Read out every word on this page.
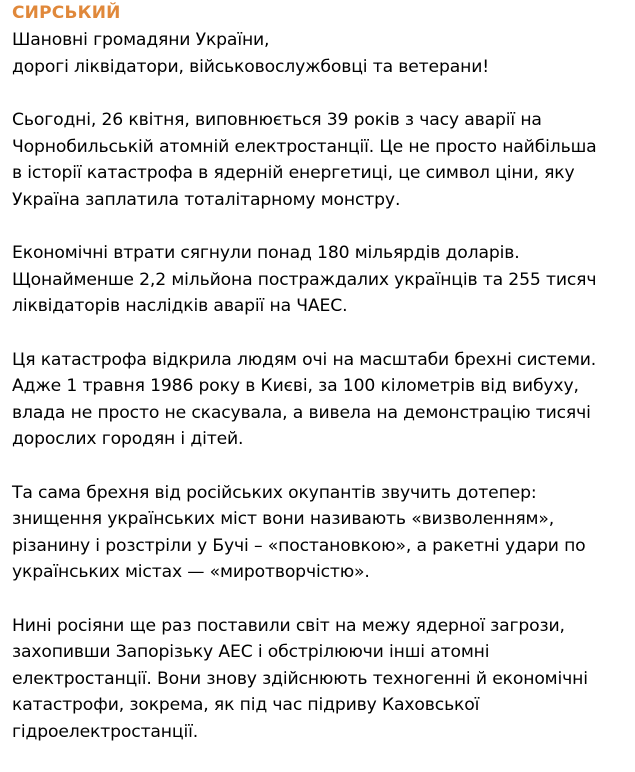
СИРСЬКИЙ
Шановні громадяни України,
дорогі ліквідатори, військовослужбовці та ветерани!
Сьогодні, 26 квітня, виповнюється 39 років з часу аварії на
Чорнобильській атомній електростанції. Це не просто найбільша
в історії катастрофа в ядерній енергетиці, це символ ціни, яку
Україна заплатила тоталітарному монстру.
Економічні втрати сягнули понад 180 мільярдів доларів.
Щонайменше 2,2 мільйона постраждалих українців та 255 тисяч
ліквідаторів наслідків аварії на ЧАЕС.
Ця катастрофа відкрила людям очі на масштаби брехні системи.
Адже 1 травня 1986 року в Києві, за 100 кілометрів від вибуху,
влада не просто не скасувала, а вивела на демонстрацію тисячі
дорослих городян і дітей.
Та сама брехня від російських окупантів звучить дотепер:
знищення українських міст вони називають «визволенням»,
різанину і розстріли у Бучі – «постановкою», а ракетні удари по
українських містах — «миротворчістю».
Нині росіяни ще раз поставили світ на межу ядерної загрози,
захопивши Запорізьку АЕС і обстрілюючи інші атомні
електростанції. Вони знову здійснюють техногенні й економічні
катастрофи, зокрема, як під час підриву Каховської
гідроелектростанції.
